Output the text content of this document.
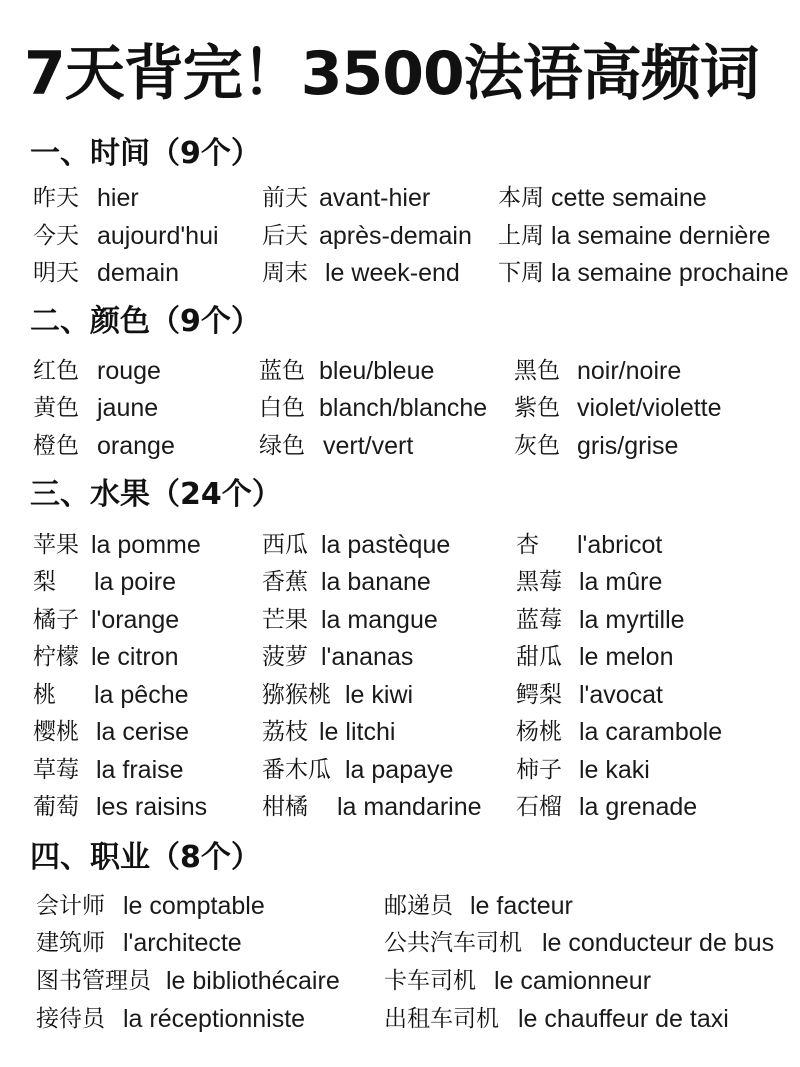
7天背完！3500法语高频词
一、时间（9个）
昨天 hier	前天 avant-hier	本周 cette semaine
今天 aujourd'hui 后天 après-demain 上周 la semaine dernière
明天 demain	周末 le week-end 下周 la semaine prochaine
二、颜色（9个）
红色 rouge	蓝色 bleu/bleue	黑色 noir/noire
黄色 jaune	白色 blanch/blanche 紫色 violet/violette
橙色 orange	绿色 vert/vert	灰色 gris/grise
三、水果（24个）
苹果 la pomme	西瓜 la pastèque	杏 l'abricot
梨 la poire	香蕉 la banane	黑莓 la mûre
橘子 l'orange	芒果 la mangue	蓝莓 la myrtille
柠檬 le citron	菠萝 l'ananas	甜瓜 le melon
桃 la pêche	猕猴桃 le kiwi	鳄梨 l'avocat
樱桃 la cerise	荔枝 le litchi	杨桃 la carambole
草莓 la fraise	番木瓜 la papaye	柿子 le kaki
葡萄 les raisins 柑橘 la mandarine 石榴 la grenade
四、职业（8个）
会计师 le comptable	邮递员 le facteur
建筑师 l'architecte	公共汽车司机 le conducteur de bus
图书管理员 le bibliothécaire 卡车司机 le camionneur
接待员 la réceptionniste	出租车司机 le chauffeur de taxi
